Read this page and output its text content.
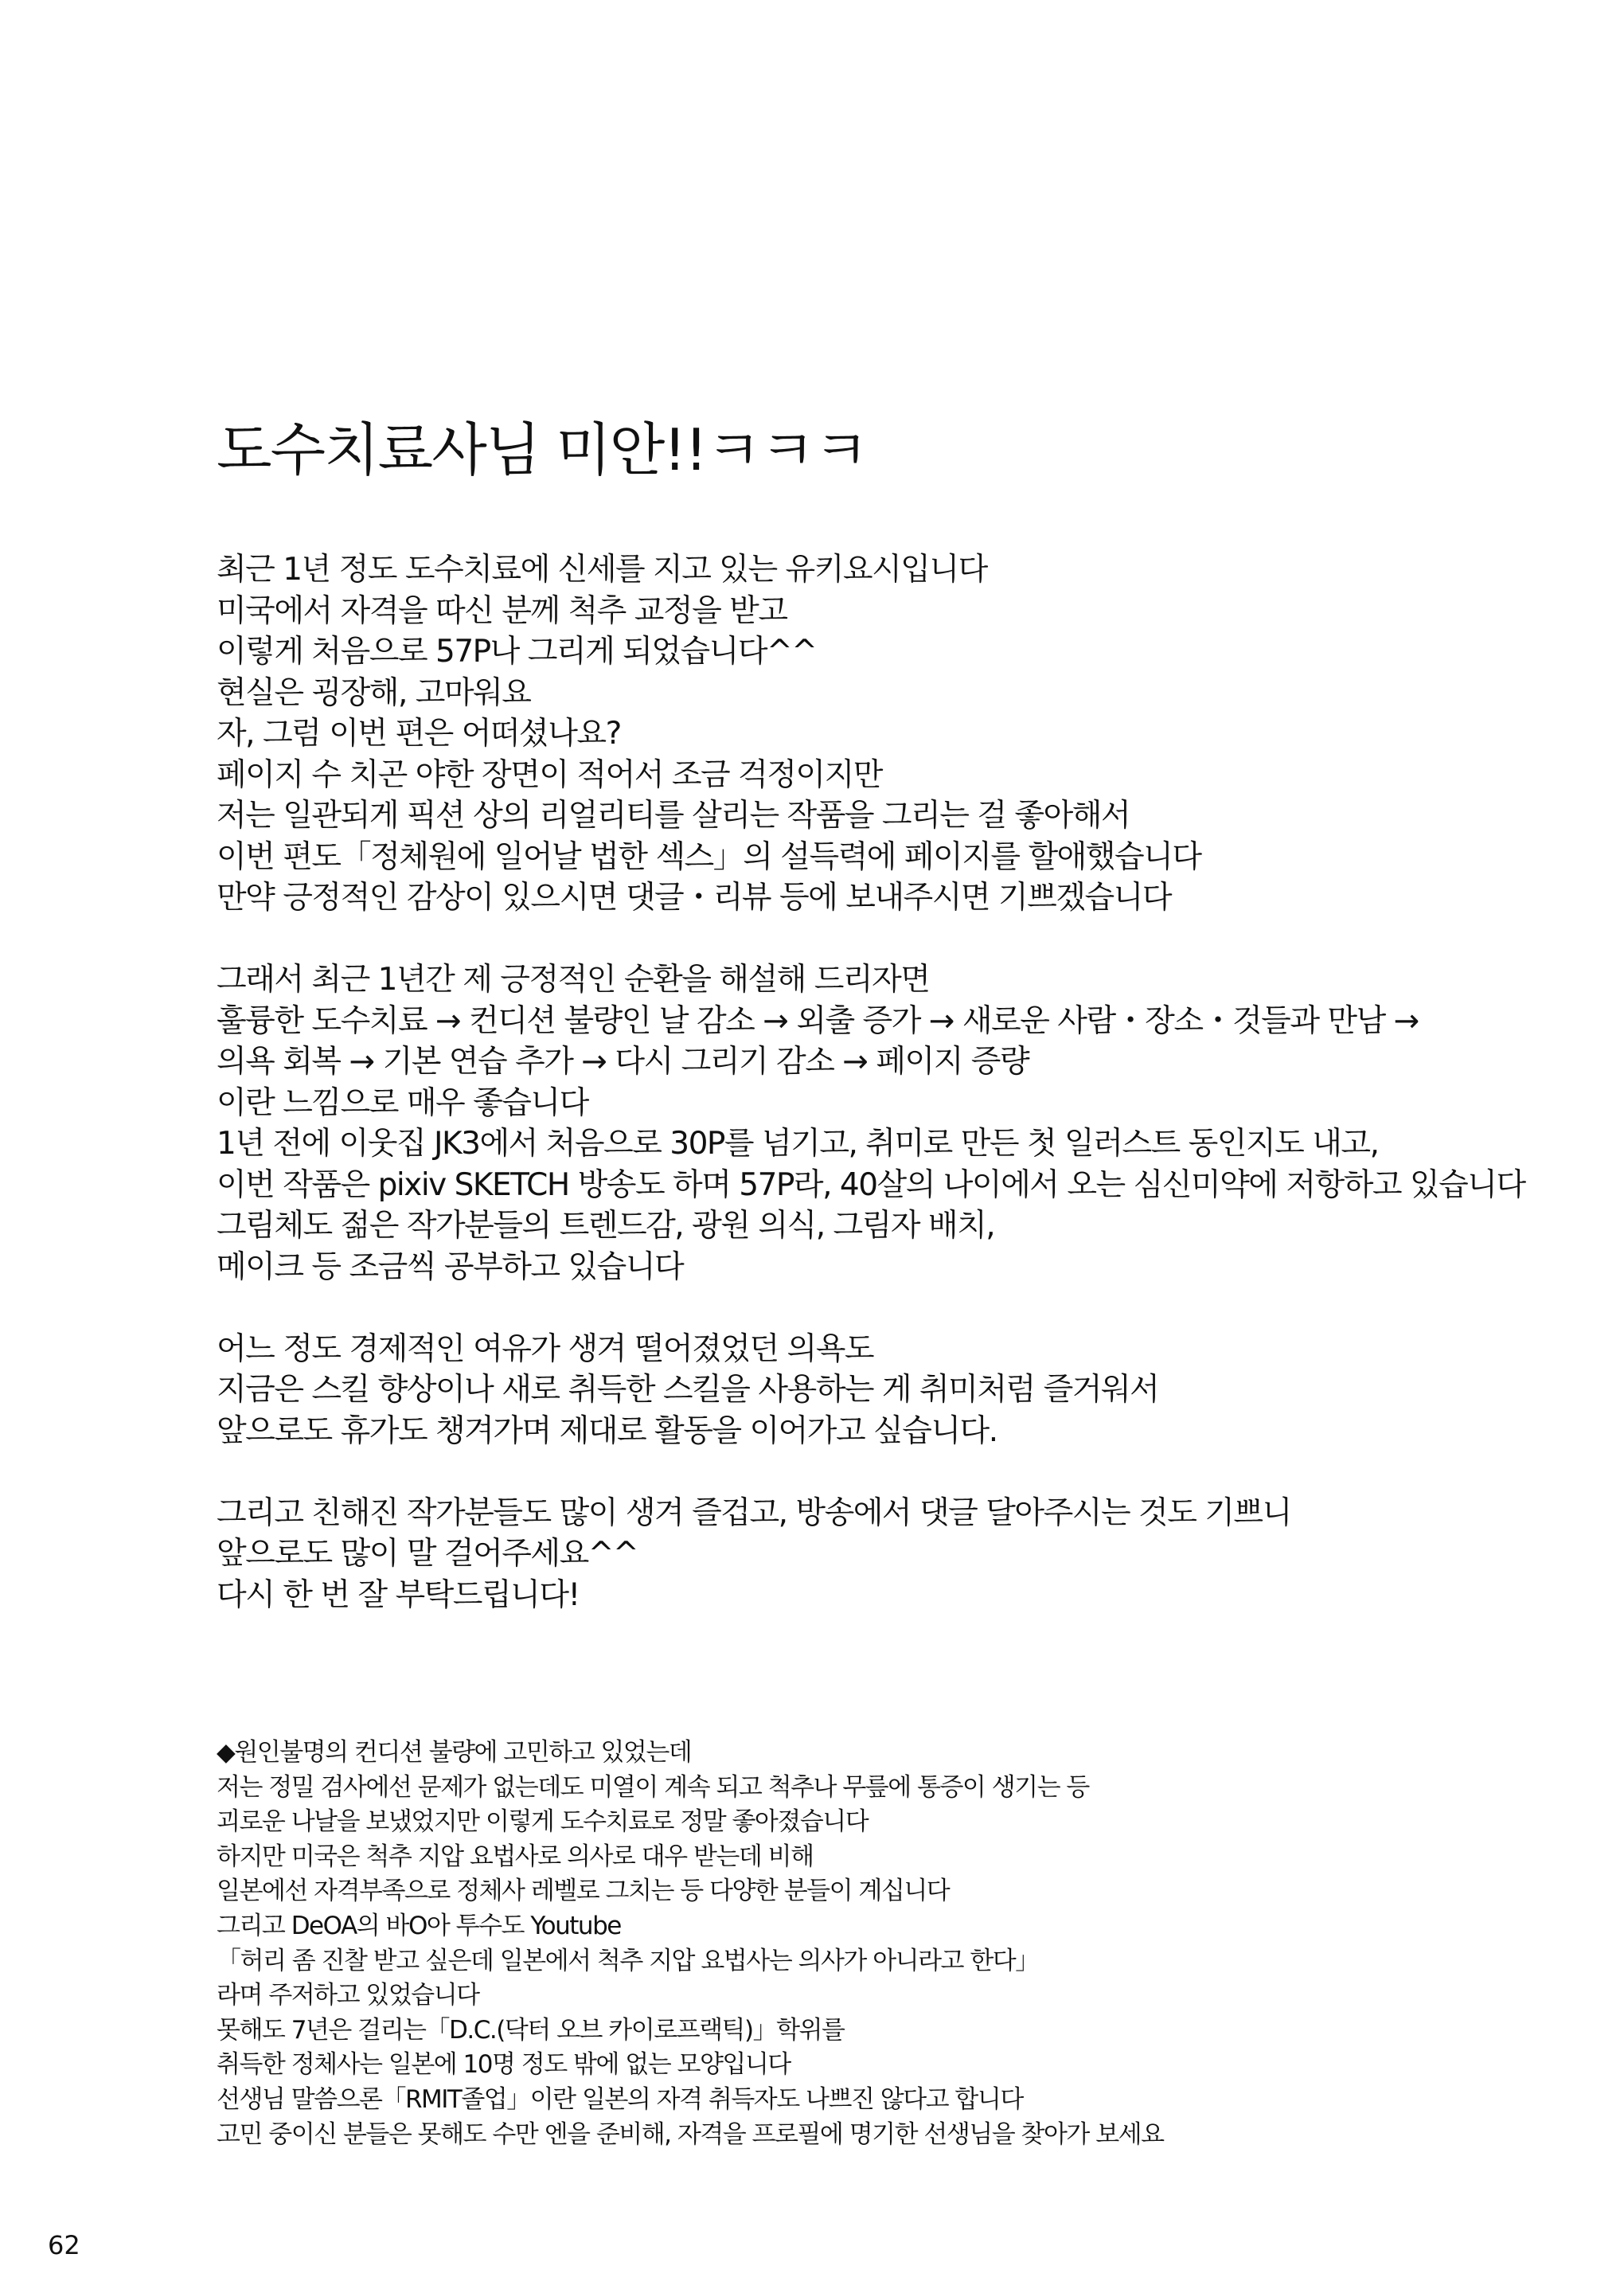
도수치료사님 미안!!ㅋㅋㅋ

최근 1년 정도 도수치료에 신세를 지고 있는 유키요시입니다
미국에서 자격을 따신 분께 척추 교정을 받고
이렇게 처음으로 57P나 그리게 되었습니다^^
현실은 굉장해, 고마워요
자, 그럼 이번 편은 어떠셨나요?
페이지 수 치곤 야한 장면이 적어서 조금 걱정이지만
저는 일관되게 픽션 상의 리얼리티를 살리는 작품을 그리는 걸 좋아해서
이번 편도「정체원에 일어날 법한 섹스」의 설득력에 페이지를 할애했습니다
만약 긍정적인 감상이 있으시면 댓글・리뷰 등에 보내주시면 기쁘겠습니다

그래서 최근 1년간 제 긍정적인 순환을 해설해 드리자면
훌륭한 도수치료 → 컨디션 불량인 날 감소 → 외출 증가 → 새로운 사람・장소・것들과 만남 →
의욕 회복 → 기본 연습 추가 → 다시 그리기 감소 → 페이지 증량
이란 느낌으로 매우 좋습니다
1년 전에 이웃집 JK3에서 처음으로 30P를 넘기고, 취미로 만든 첫 일러스트 동인지도 내고,
이번 작품은 pixiv SKETCH 방송도 하며 57P라, 40살의 나이에서 오는 심신미약에 저항하고 있습니다
그림체도 젊은 작가분들의 트렌드감, 광원 의식, 그림자 배치,
메이크 등 조금씩 공부하고 있습니다

어느 정도 경제적인 여유가 생겨 떨어졌었던 의욕도
지금은 스킬 향상이나 새로 취득한 스킬을 사용하는 게 취미처럼 즐거워서
앞으로도 휴가도 챙겨가며 제대로 활동을 이어가고 싶습니다.

그리고 친해진 작가분들도 많이 생겨 즐겁고, 방송에서 댓글 달아주시는 것도 기쁘니
앞으로도 많이 말 걸어주세요^^
다시 한 번 잘 부탁드립니다!

◆원인불명의 컨디션 불량에 고민하고 있었는데
저는 정밀 검사에선 문제가 없는데도 미열이 계속 되고 척추나 무릎에 통증이 생기는 등
괴로운 나날을 보냈었지만 이렇게 도수치료로 정말 좋아졌습니다
하지만 미국은 척추 지압 요법사로 의사로 대우 받는데 비해
일본에선 자격부족으로 정체사 레벨로 그치는 등 다양한 분들이 계십니다
그리고 DeOA의 바O아 투수도 Youtube
「허리 좀 진찰 받고 싶은데 일본에서 척추 지압 요법사는 의사가 아니라고 한다」
라며 주저하고 있었습니다
못해도 7년은 걸리는「D.C.(닥터 오브 카이로프랙틱)」학위를
취득한 정체사는 일본에 10명 정도 밖에 없는 모양입니다
선생님 말씀으론「RMIT졸업」이란 일본의 자격 취득자도 나쁘진 않다고 합니다
고민 중이신 분들은 못해도 수만 엔을 준비해, 자격을 프로필에 명기한 선생님을 찾아가 보세요

62
